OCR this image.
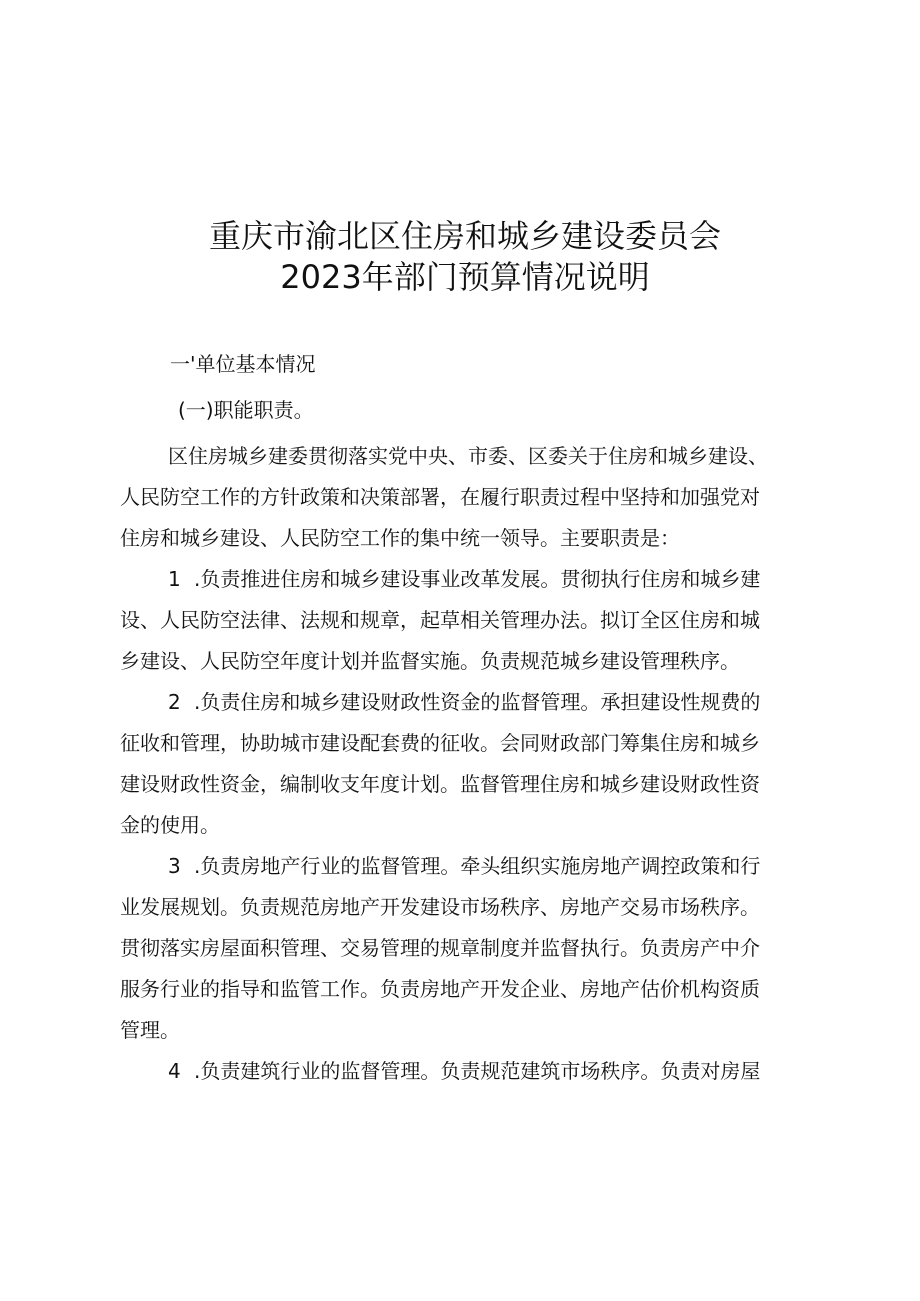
重庆市渝北区住房和城乡建设委员会
2023年部门预算情况说明
一'单位基本情况
(一)职能职责。
区住房城乡建委贯彻落实党中央、市委、区委关于住房和城乡建设、
人民防空工作的方针政策和决策部署，在履行职责过程中坚持和加强党对
住房和城乡建设、人民防空工作的集中统一领导。主要职责是：
1 .负责推进住房和城乡建设事业改革发展。贯彻执行住房和城乡建
设、人民防空法律、法规和规章，起草相关管理办法。拟订全区住房和城
乡建设、人民防空年度计划并监督实施。负责规范城乡建设管理秩序。
2 .负责住房和城乡建设财政性资金的监督管理。承担建设性规费的
征收和管理，协助城市建设配套费的征收。会同财政部门筹集住房和城乡
建设财政性资金，编制收支年度计划。监督管理住房和城乡建设财政性资
金的使用。
3 .负责房地产行业的监督管理。牵头组织实施房地产调控政策和行
业发展规划。负责规范房地产开发建设市场秩序、房地产交易市场秩序。
贯彻落实房屋面积管理、交易管理的规章制度并监督执行。负责房产中介
服务行业的指导和监管工作。负责房地产开发企业、房地产估价机构资质
管理。
4 .负责建筑行业的监督管理。负责规范建筑市场秩序。负责对房屋
